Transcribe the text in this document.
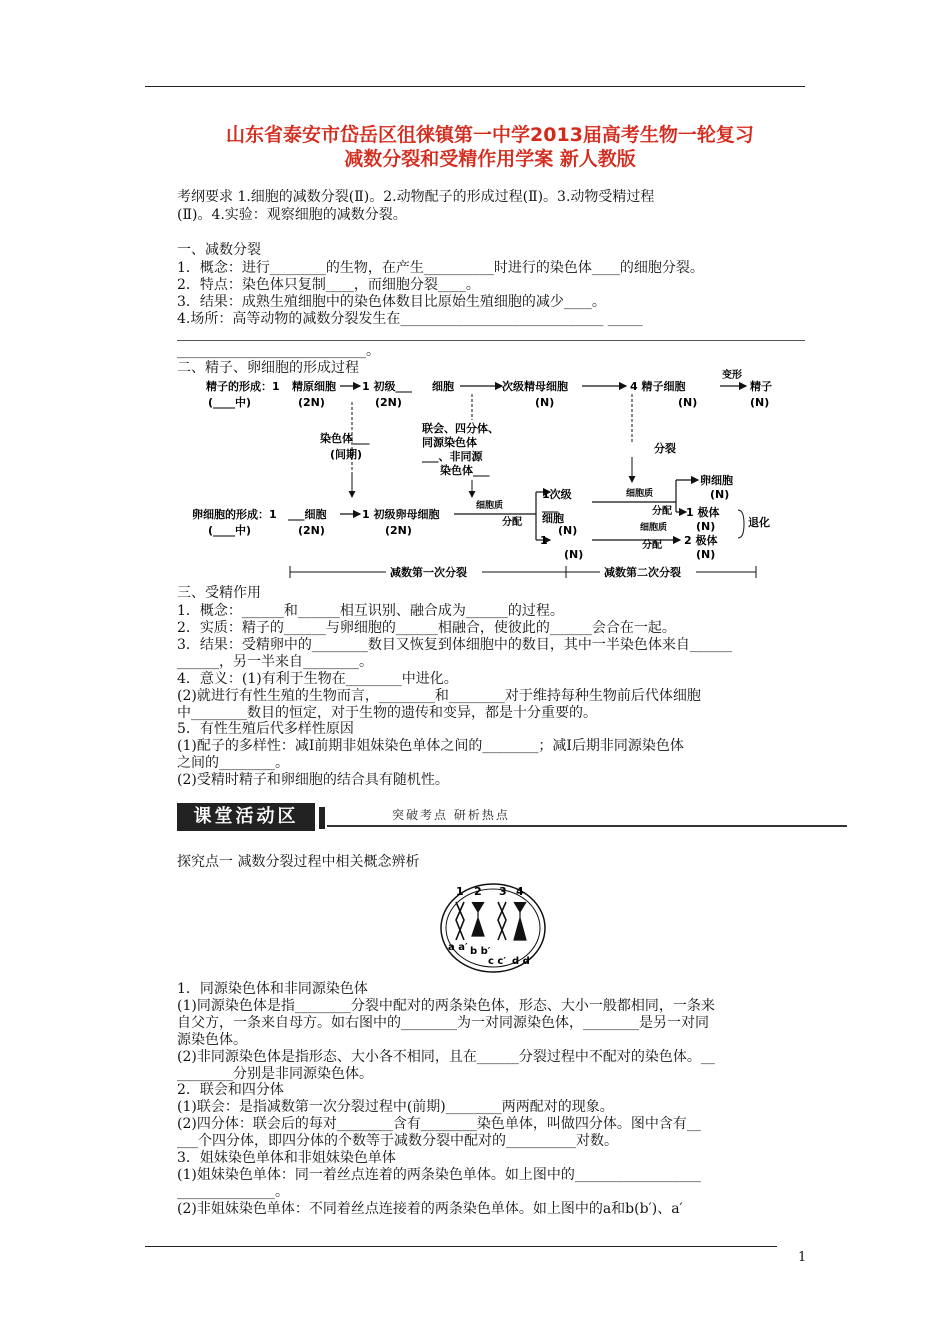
山东省泰安市岱岳区徂徕镇第一中学2013届高考生物一轮复习
减数分裂和受精作用学案 新人教版
考纲要求 1.细胞的减数分裂(Ⅱ)。2.动物配子的形成过程(Ⅱ)。3.动物受精过程
(Ⅱ)。4.实验：观察细胞的减数分裂。
一、减数分裂
1．概念：进行________的生物，在产生__________时进行的染色体____的细胞分裂。
2．特点：染色体只复制____，而细胞分裂____。
3．结果：成熟生殖细胞中的染色体数目比原始生殖细胞的减少____。
4.场所：高等动物的减数分裂发生在_____________________________ _____
___________________________。
二、精子、卵细胞的形成过程
精子的形成：1
(____中)
精原细胞
(2N)
1 初级___
(2N)
细胞	次级精母细胞
(N)
4 精子细胞
(N)
变形
精子
(N)
染色体___
(间期)
联会、四分体、
同源染色体
___、非同源
染色体___
分裂
卵细胞的形成：1
(____中)
___细胞
(2N)
1 初级卵母细胞
(2N)
细胞质
分配
1次级
___
细胞
(N)
1
(N)
细胞质
分配
卵细胞
(N)
1 极体
(N)
细胞质
分配 2 极体
(N)
退化
减数第一次分裂	减数第二次分裂
三、受精作用
1．概念：______和______相互识别、融合成为______的过程。
2．实质：精子的______与卵细胞的______相融合，使彼此的______会合在一起。
3．结果：受精卵中的________数目又恢复到体细胞中的数目，其中一半染色体来自______
______，另一半来自________。
4．意义：(1)有利于生物在________中进化。
(2)就进行有性生殖的生物而言，________和________对于维持每种生物前后代体细胞
中________数目的恒定，对于生物的遗传和变异，都是十分重要的。
5．有性生殖后代多样性原因
(1)配子的多样性：减Ⅰ前期非姐妹染色单体之间的________；减Ⅰ后期非同源染色体
之间的________。
(2)受精时精子和卵细胞的结合具有随机性。
课堂活动区	突破考点 研析热点
探究点一 减数分裂过程中相关概念辨析
1 2 3 4
a a′ b b′
c c′ d d′
1．同源染色体和非同源染色体
(1)同源染色体是指________分裂中配对的两条染色体，形态、大小一般都相同，一条来
自父方，一条来自母方。如右图中的________为一对同源染色体，________是另一对同
源染色体。
(2)非同源染色体是指形态、大小各不相同，且在______分裂过程中不配对的染色体。__
________分别是非同源染色体。
2．联会和四分体
(1)联会：是指减数第一次分裂过程中(前期)________两两配对的现象。
(2)四分体：联会后的每对________含有________染色单体，叫做四分体。图中含有__
___个四分体，即四分体的个数等于减数分裂中配对的__________对数。
3．姐妹染色单体和非姐妹染色单体
(1)姐妹染色单体：同一着丝点连着的两条染色单体。如上图中的__________________
______________。
(2)非姐妹染色单体：不同着丝点连接着的两条染色单体。如上图中的a和b(b′)、a′
1
